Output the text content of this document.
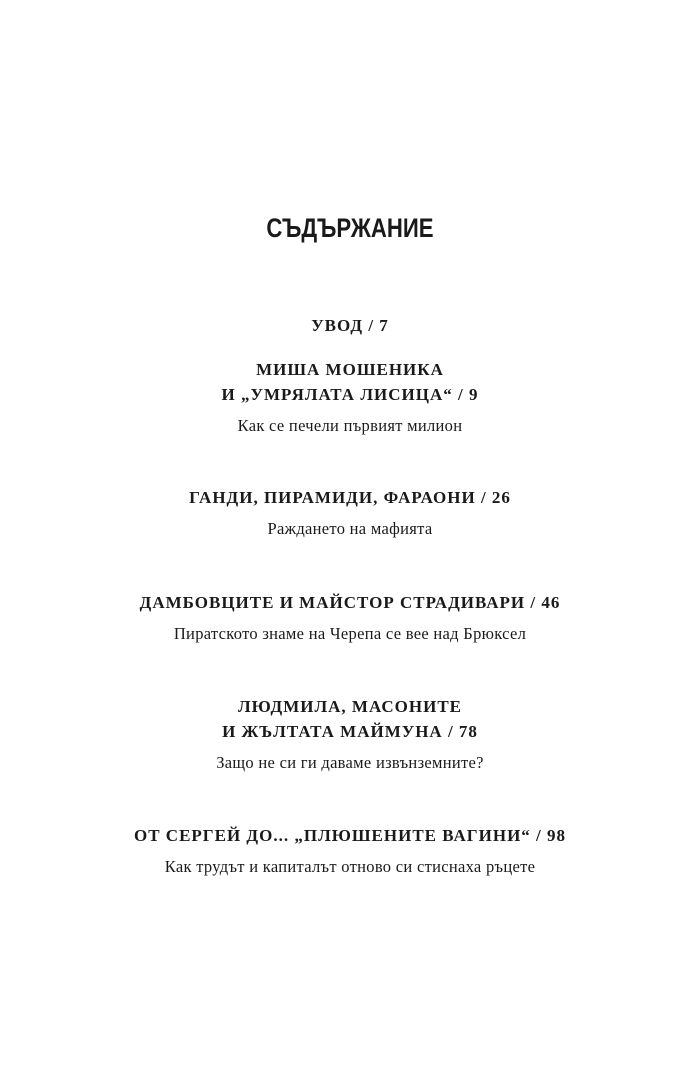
СЪДЪРЖАНИЕ
УВОД / 7
МИША МОШЕНИКА
И „УМРЯЛАТА ЛИСИЦА“ / 9
Как се печели първият милион
ГАНДИ, ПИРАМИДИ, ФАРАОНИ / 26
Раждането на мафията
ДАМБОВЦИТЕ И МАЙСТОР СТРАДИВАРИ / 46
Пиратското знаме на Черепа се вее над Брюксел
ЛЮДМИЛА, МАСОНИТЕ
И ЖЪЛТАТА МАЙМУНА / 78
Защо не си ги даваме извънземните?
ОТ СЕРГЕЙ ДО... „ПЛЮШЕНИТЕ ВАГИНИ“ / 98
Как трудът и капиталът отново си стиснаха ръцете
